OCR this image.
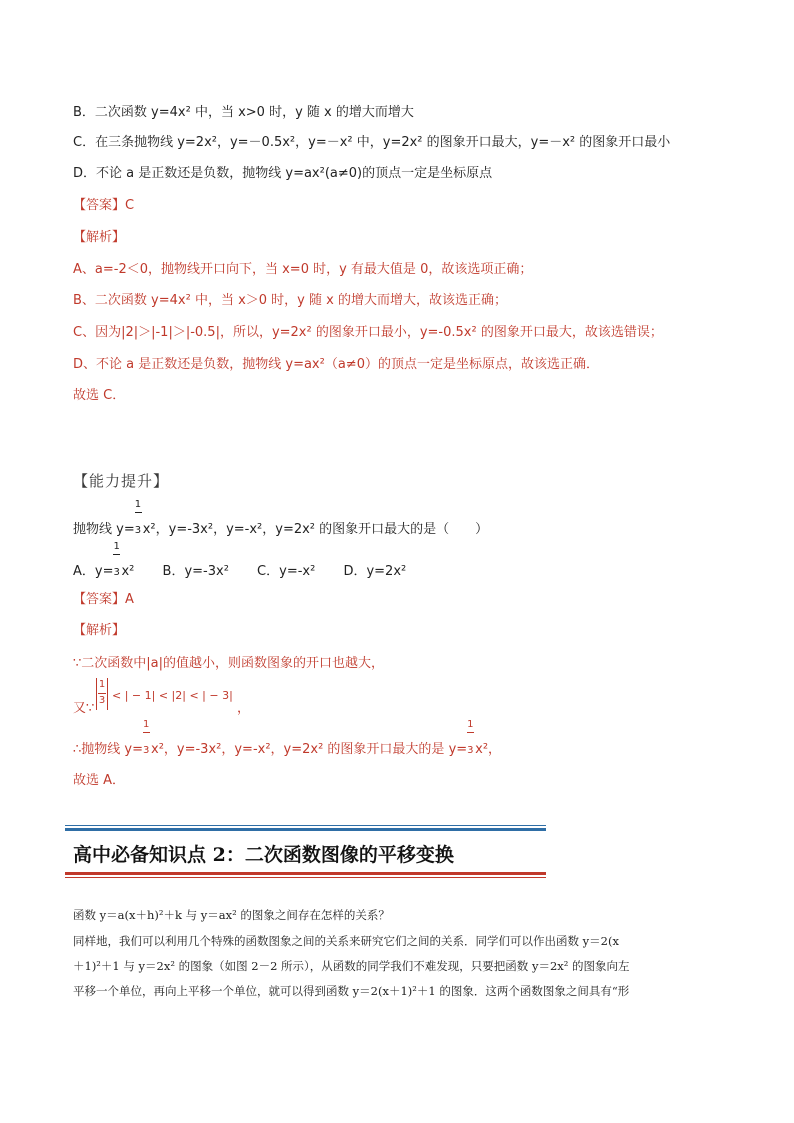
B．二次函数 y=4x² 中，当 x>0 时，y 随 x 的增大而增大
C．在三条抛物线 y=2x²，y=－0.5x²，y=－x² 中，y=2x² 的图象开口最大，y=－x² 的图象开口最小
D．不论 a 是正数还是负数，抛物线 y=ax²(a≠0)的顶点一定是坐标原点
【答案】C
【解析】
A、a=-2＜0，抛物线开口向下，当 x=0 时，y 有最大值是 0，故该选项正确；
B、二次函数 y=4x² 中，当 x＞0 时，y 随 x 的增大而增大，故该选正确；
C、因为|2|＞|-1|＞|-0.5|，所以，y=2x² 的图象开口最小，y=-0.5x² 的图象开口最大，故该选错误；
D、不论 a 是正数还是负数，抛物线 y=ax²（a≠0）的顶点一定是坐标原点，故该选正确．
故选 C．
【能力提升】
抛物线 $y= \frac{1}{3}x^2$，y=-3x²，y=-x²，y=2x² 的图象开口最大的是（　　）
A．$y= \frac{1}{3}x^2$ B．y=-3x² C．y=-x² D．y=2x²
【答案】A
【解析】
∵二次函数中|a|的值越小，则函数图象的开口也越大，
又∵
1
3 < | − 1| < |2| < | − 3|
，
∴抛物线 $y= \frac{1}{3}x^2$，y=-3x²，y=-x²，y=2x² 的图象开口最大的是 $y= \frac{1}{3}x^2$，
故选 A．
高中必备知识点 2：二次函数图像的平移变换
函数 y＝a(x＋h)²＋k 与 y＝ax² 的图象之间存在怎样的关系？
同样地，我们可以利用几个特殊的函数图象之间的关系来研究它们之间的关系．同学们可以作出函数 y＝2(x
＋1)²＋1 与 y＝2x² 的图象（如图 2－2 所示），从函数的同学我们不难发现，只要把函数 y＝2x² 的图象向左
平移一个单位，再向上平移一个单位，就可以得到函数 y＝2(x＋1)²＋1 的图象．这两个函数图象之间具有“形
